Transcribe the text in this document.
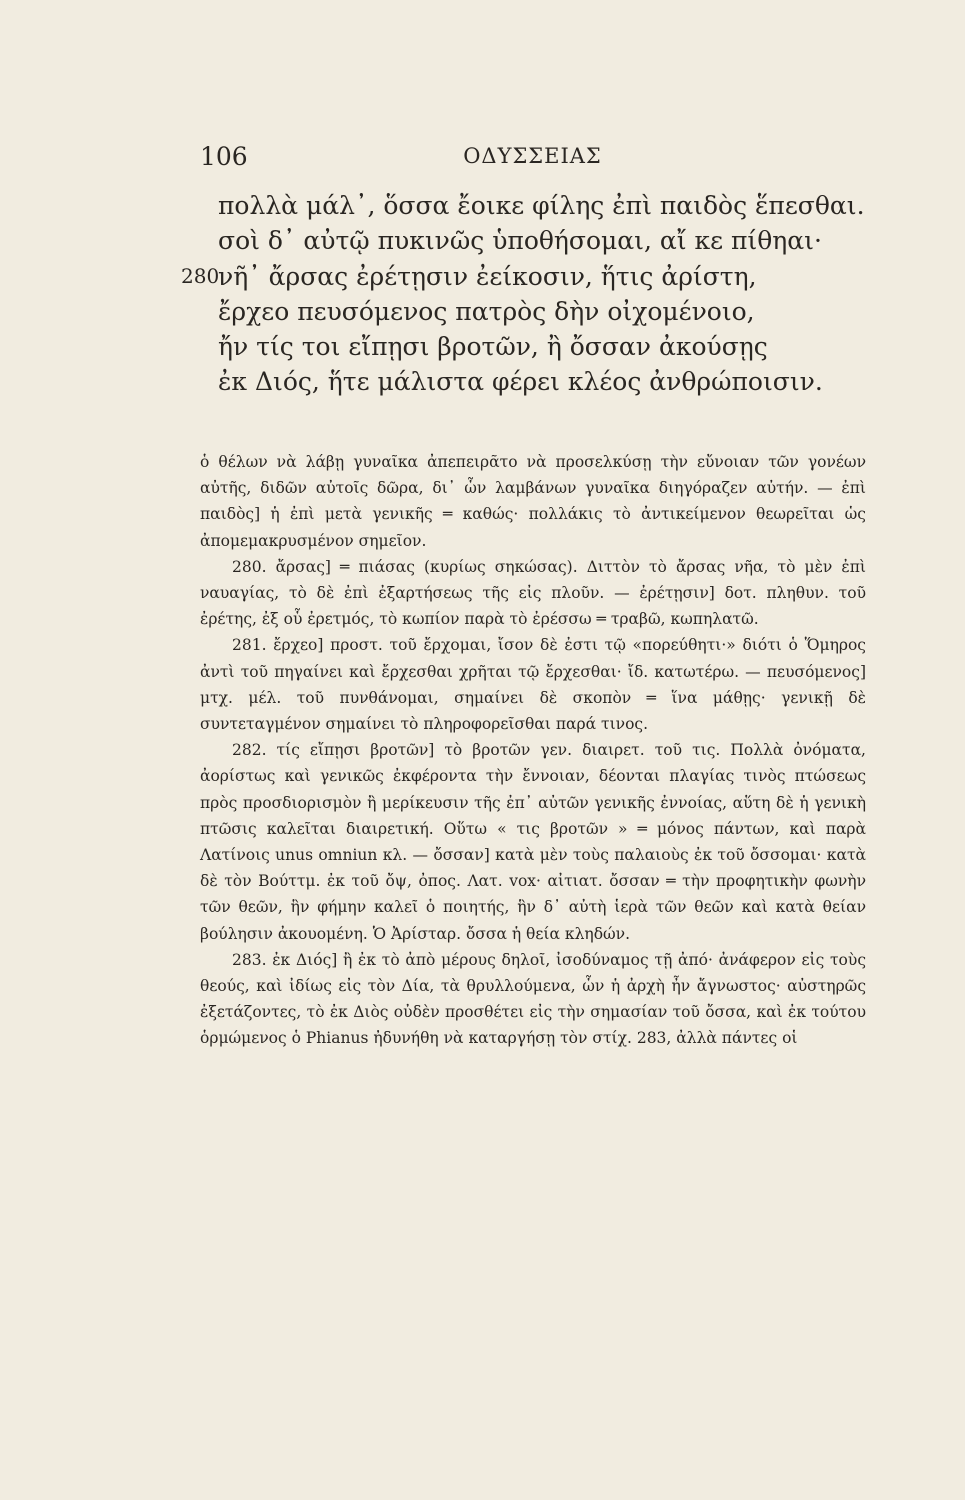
106	ΟΔΥΣΣΕΙΑΣ
πολλὰ μάλ᾽, ὅσσα ἔοικε φίλης ἐπὶ παιδὸς ἕπεσθαι.
σοὶ δ᾽ αὐτῷ πυκινῶς ὑποθήσομαι, αἴ κε πίθηαι·
280
νῆ᾽ ἄρσας ἐρέτῃσιν ἐείκοσιν, ἥτις ἀρίστη,
ἔρχεο πευσόμενος πατρὸς δὴν οἰχομένοιο,
ἤν τίς τοι εἴπῃσι βροτῶν, ἢ ὄσσαν ἀκούσῃς
ἐκ Διός, ἥτε μάλιστα φέρει κλέος ἀνθρώποισιν.

ὁ θέλων νὰ λάβῃ γυναῖκα ἀπεπειρᾶτο νὰ προσελκύσῃ τὴν εὔνοιαν τῶν γονέων αὐτῆς, διδῶν αὐτοῖς δῶρα, δι᾽ ὧν λαμβάνων γυναῖκα διηγόραζεν αὐτήν. — ἐπὶ παιδὸς] ἡ ἐπὶ μετὰ γενικῆς ═ καθώς· πολλάκις τὸ ἀντικείμενον θεωρεῖται ὡς ἀπομεμακρυσμένον σημεῖον.

280. ἄρσας] ═ πιάσας (κυρίως σηκώσας). Διττὸν τὸ ἄρσας νῆα, τὸ μὲν ἐπὶ ναυαγίας, τὸ δὲ ἐπὶ ἐξαρτήσεως τῆς εἰς πλοῦν. — ἐρέτῃσιν] δοτ. πληθυν. τοῦ ἐρέτης, ἐξ οὗ ἐρετμός, τὸ κωπίον παρὰ τὸ ἐρέσσω ═ τραβῶ, κωπηλατῶ.

281. ἔρχεο] προστ. τοῦ ἔρχομαι, ἴσον δὲ ἐστι τῷ «πορεύθητι·» διότι ὁ Ὅμηρος ἀντὶ τοῦ πηγαίνει καὶ ἔρχεσθαι χρῆται τῷ ἔρχεσθαι· ἴδ. κατωτέρω. — πευσόμενος] μτχ. μέλ. τοῦ πυνθάνομαι, σημαίνει δὲ σκοπὸν ═ ἵνα μάθῃς· γενικῇ δὲ συντεταγμένον σημαίνει τὸ πληροφορεῖσθαι παρά τινος.

282. τίς εἴπῃσι βροτῶν] τὸ βροτῶν γεν. διαιρετ. τοῦ τις. Πολλὰ ὀνόματα, ἀορίστως καὶ γενικῶς ἐκφέροντα τὴν ἔννοιαν, δέονται πλαγίας τινὸς πτώσεως πρὸς προσδιορισμὸν ἢ μερίκευσιν τῆς ἐπ᾽ αὐτῶν γενικῆς ἐννοίας, αὕτη δὲ ἡ γενικὴ πτῶσις καλεῖται διαιρετική. Οὕτω « τις βροτῶν » ═ μόνος πάντων, καὶ παρὰ Λατίνοις unus omniun κλ. — ὄσσαν] κατὰ μὲν τοὺς παλαιοὺς ἐκ τοῦ ὄσσομαι· κατὰ δὲ τὸν Βούττμ. ἐκ τοῦ ὄψ, ὀπος. Λατ. vox· αἰτιατ. ὄσσαν ═ τὴν προφητικὴν φωνὴν τῶν θεῶν, ἣν φήμην καλεῖ ὁ ποιητής, ἣν δ᾽ αὐτὴ ἱερὰ τῶν θεῶν καὶ κατὰ θείαν βούλησιν ἀκουομένη. Ὁ Ἀρίσταρ. ὄσσα ἡ θεία κληδών.

283. ἐκ Διός] ἢ ἐκ τὸ ἀπὸ μέρους δηλοῖ, ἰσοδύναμος τῇ ἀπό· ἀνάφερον εἰς τοὺς θεούς, καὶ ἰδίως εἰς τὸν Δία, τὰ θρυλλούμενα, ὧν ἡ ἀρχὴ ἦν ἄγνωστος· αὐστηρῶς ἐξετάζοντες, τὸ ἐκ Διὸς οὐδὲν προσθέτει εἰς τὴν σημασίαν τοῦ ὄσσα, καὶ ἐκ τούτου ὁρμώμενος ὁ Phianus ἠδυνήθη νὰ καταργήσῃ τὸν στίχ. 283, ἀλλὰ πάντες οἱ
